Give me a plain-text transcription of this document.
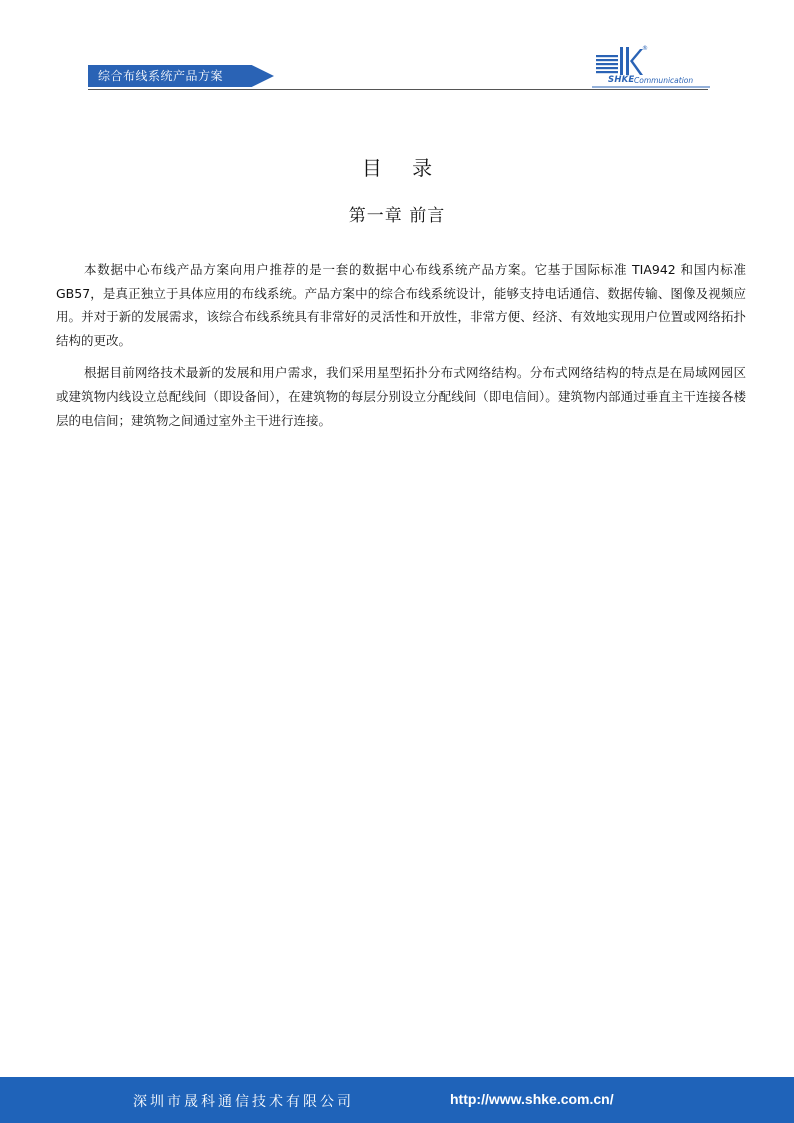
综合布线系统产品方案
®
SHKE Communication
目 录
第一章 前言

本数据中心布线产品方案向用户推荐的是一套的数据中心布线系统产品方案。它基于国际标准 TIA942 和国内标准 GB57，是真正独立于具体应用的布线系统。产品方案中的综合布线系统设计，能够支持电话通信、数据传输、图像及视频应用。并对于新的发展需求，该综合布线系统具有非常好的灵活性和开放性，非常方便、经济、有效地实现用户位置或网络拓扑结构的更改。

根据目前网络技术最新的发展和用户需求，我们采用星型拓扑分布式网络结构。分布式网络结构的特点是在局域网园区或建筑物内线设立总配线间（即设备间），在建筑物的每层分别设立分配线间（即电信间）。建筑物内部通过垂直主干连接各楼层的电信间；建筑物之间通过室外主干进行连接。

深圳市晟科通信技术有限公司	http://www.shke.com.cn/
